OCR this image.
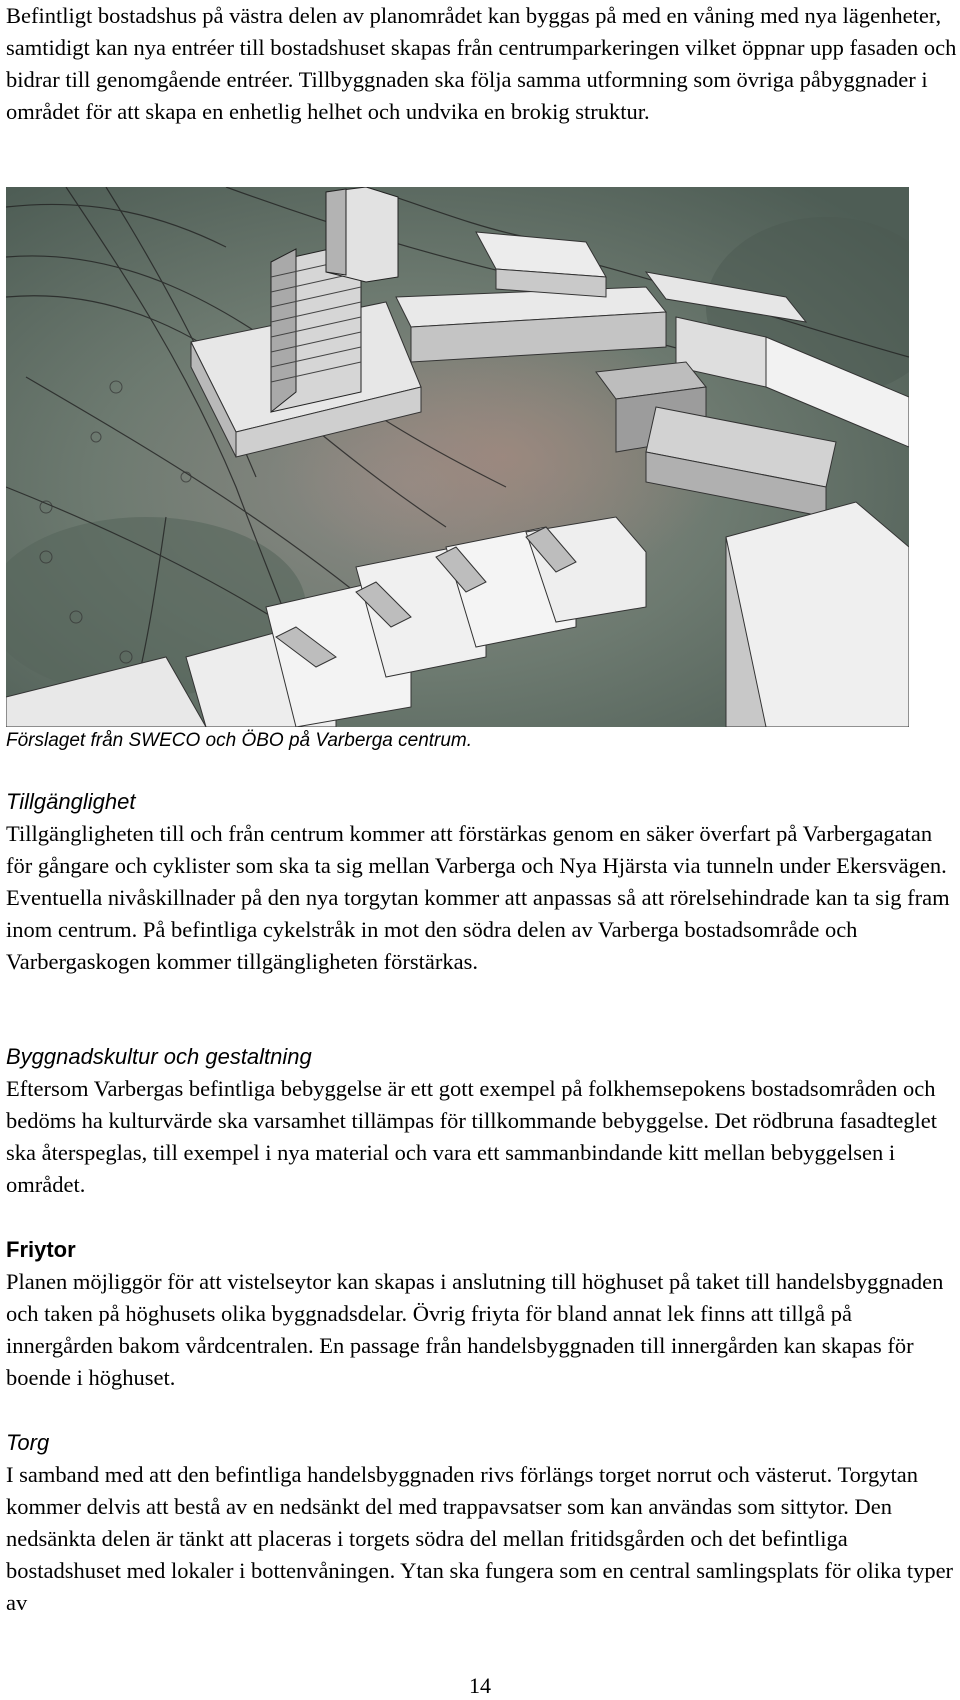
Befintligt bostadshus på västra delen av planområdet kan byggas på med en våning med nya lägenheter, samtidigt kan nya entréer till bostadshuset skapas från centrumparkeringen vilket öppnar upp fasaden och bidrar till genomgående entréer. Tillbyggnaden ska följa samma utformning som övriga påbyggnader i området för att skapa en enhetlig helhet och undvika en brokig struktur.

Förslaget från SWECO och ÖBO på Varberga centrum.
Tillgänglighet

Tillgängligheten till och från centrum kommer att förstärkas genom en säker överfart på Varbergagatan för gångare och cyklister som ska ta sig mellan Varberga och Nya Hjärsta via tunneln under Ekersvägen. Eventuella nivåskillnader på den nya torgytan kommer att anpassas så att rörelsehindrade kan ta sig fram inom centrum. På befintliga cykelstråk in mot den södra delen av Varberga bostadsområde och Varbergaskogen kommer tillgängligheten förstärkas.

Byggnadskultur och gestaltning

Eftersom Varbergas befintliga bebyggelse är ett gott exempel på folkhemsepokens bostadsområden och bedöms ha kulturvärde ska varsamhet tillämpas för tillkommande bebyggelse. Det rödbruna fasadteglet ska återspeglas, till exempel i nya material och vara ett sammanbindande kitt mellan bebyggelsen i området.

Friytor

Planen möjliggör för att vistelseytor kan skapas i anslutning till höghuset på taket till handelsbyggnaden och taken på höghusets olika byggnadsdelar. Övrig friyta för bland annat lek finns att tillgå på innergården bakom vårdcentralen. En passage från handelsbyggnaden till innergården kan skapas för boende i höghuset.

Torg

I samband med att den befintliga handelsbyggnaden rivs förlängs torget norrut och västerut. Torgytan kommer delvis att bestå av en nedsänkt del med trappavsatser som kan användas som sittytor. Den nedsänkta delen är tänkt att placeras i torgets södra del mellan fritidsgården och det befintliga bostadshuset med lokaler i bottenvåningen. Ytan ska fungera som en central samlingsplats för olika typer av

14
